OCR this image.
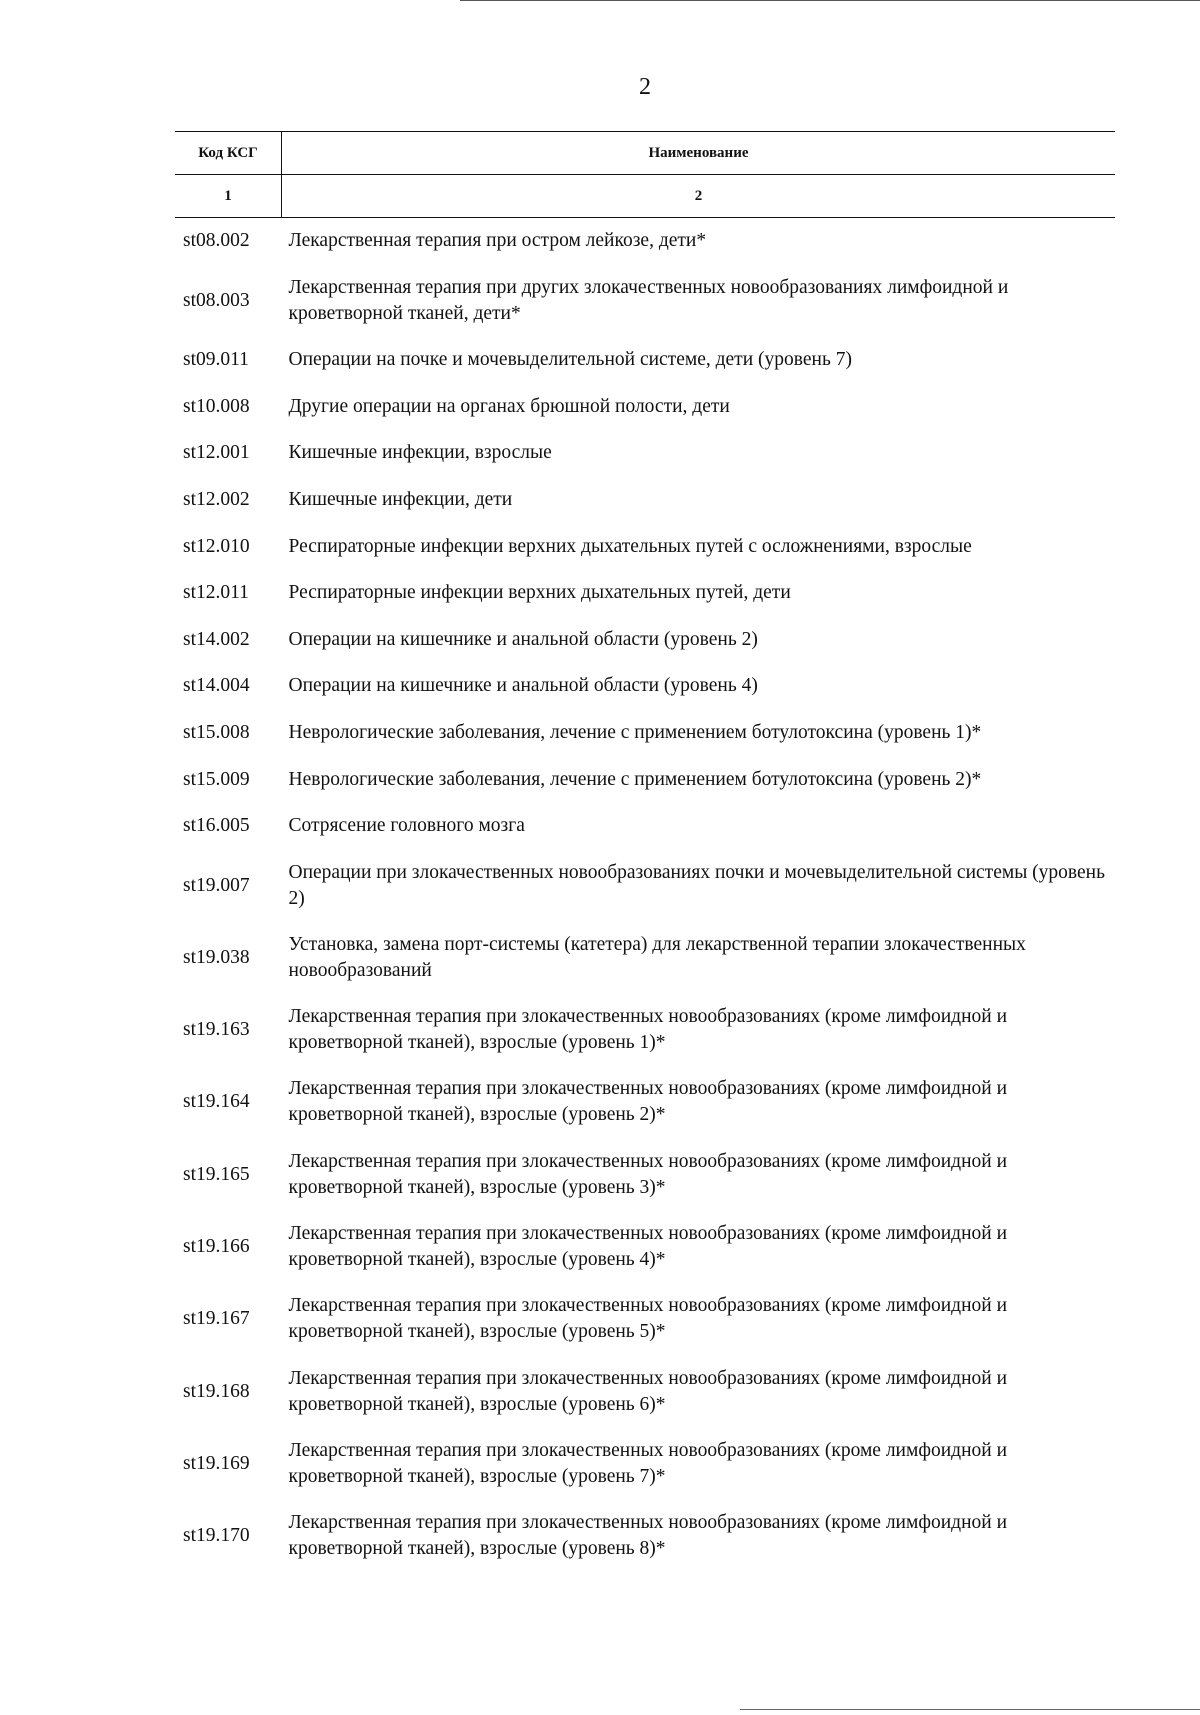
2
Код КСГ	Наименование
1	2
st08.002	Лекарственная терапия при остром лейкозе, дети*
st08.003	Лекарственная терапия при других злокачественных новообразованиях лимфоидной и кроветворной тканей, дети*
st09.011	Операции на почке и мочевыделительной системе, дети (уровень 7)
st10.008	Другие операции на органах брюшной полости, дети
st12.001	Кишечные инфекции, взрослые
st12.002	Кишечные инфекции, дети
st12.010	Респираторные инфекции верхних дыхательных путей с осложнениями, взрослые
st12.011	Респираторные инфекции верхних дыхательных путей, дети
st14.002	Операции на кишечнике и анальной области (уровень 2)
st14.004	Операции на кишечнике и анальной области (уровень 4)
st15.008	Неврологические заболевания, лечение с применением ботулотоксина (уровень 1)*
st15.009	Неврологические заболевания, лечение с применением ботулотоксина (уровень 2)*
st16.005	Сотрясение головного мозга
st19.007	Операции при злокачественных новообразованиях почки и мочевыделительной системы (уровень 2)
st19.038	Установка, замена порт-системы (катетера) для лекарственной терапии злокачественных новообразований
st19.163	Лекарственная терапия при злокачественных новообразованиях (кроме лимфоидной и кроветворной тканей), взрослые (уровень 1)*
st19.164	Лекарственная терапия при злокачественных новообразованиях (кроме лимфоидной и кроветворной тканей), взрослые (уровень 2)*
st19.165	Лекарственная терапия при злокачественных новообразованиях (кроме лимфоидной и кроветворной тканей), взрослые (уровень 3)*
st19.166	Лекарственная терапия при злокачественных новообразованиях (кроме лимфоидной и кроветворной тканей), взрослые (уровень 4)*
st19.167	Лекарственная терапия при злокачественных новообразованиях (кроме лимфоидной и кроветворной тканей), взрослые (уровень 5)*
st19.168	Лекарственная терапия при злокачественных новообразованиях (кроме лимфоидной и кроветворной тканей), взрослые (уровень 6)*
st19.169	Лекарственная терапия при злокачественных новообразованиях (кроме лимфоидной и кроветворной тканей), взрослые (уровень 7)*
st19.170	Лекарственная терапия при злокачественных новообразованиях (кроме лимфоидной и кроветворной тканей), взрослые (уровень 8)*
